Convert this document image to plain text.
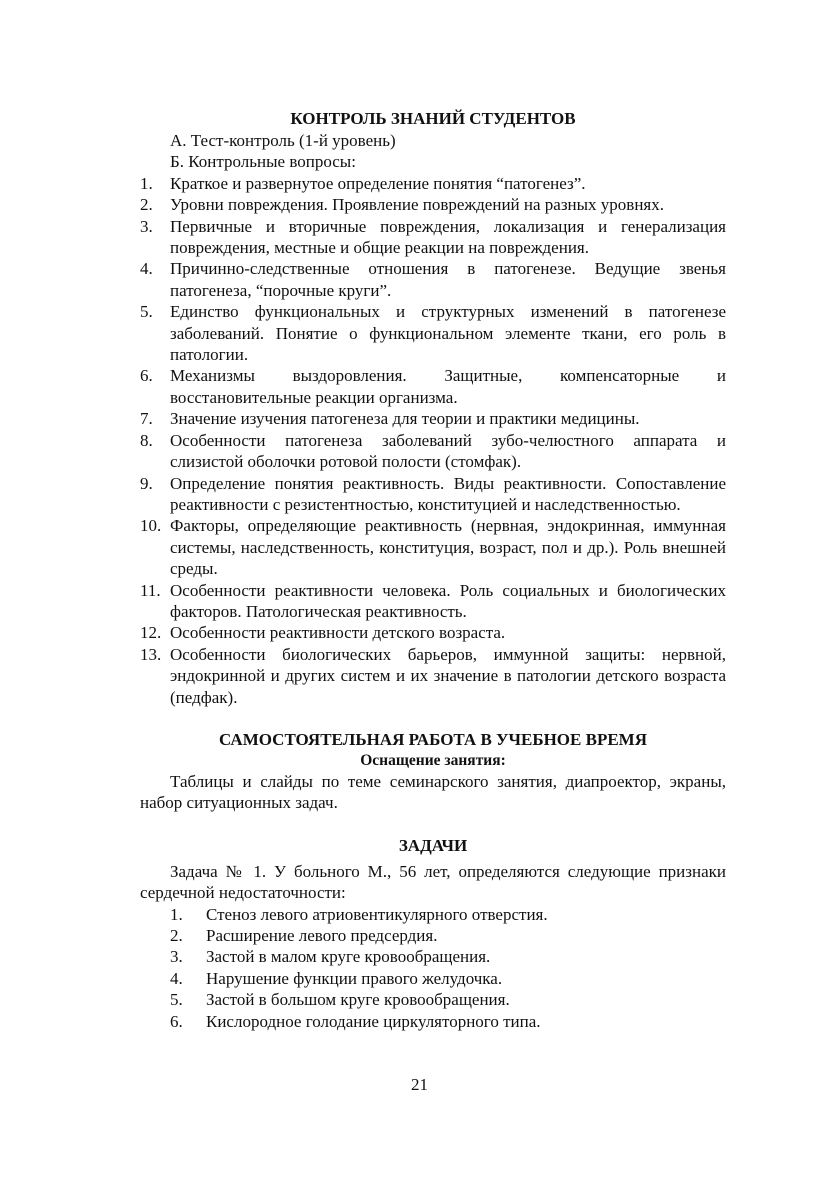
КОНТРОЛЬ ЗНАНИЙ СТУДЕНТОВ
А. Тест-контроль (1-й уровень)
Б. Контрольные вопросы:
1.	Краткое и развернутое определение понятия “патогенез”.
2.	Уровни повреждения. Проявление повреждений на разных уровнях.
3.	Первичные и вторичные повреждения, локализация и генерализация повреждения, местные и общие реакции на повреждения.
4.	Причинно-следственные отношения в патогенезе. Ведущие звенья патогенеза, “порочные круги”.
5.	Единство функциональных и структурных изменений в патогенезе заболеваний. Понятие о функциональном элементе ткани, его роль в патологии.
6.	Механизмы выздоровления. Защитные, компенсаторные и восстановительные реакции организма.
7.	Значение изучения патогенеза для теории и практики медицины.
8.	Особенности патогенеза заболеваний зубо-челюстного аппарата и слизистой оболочки ротовой полости (стомфак).
9.	Определение понятия реактивность. Виды реактивности. Сопоставление реактивности с резистентностью, конституцией и наследственностью.
10. Факторы, определяющие реактивность (нервная, эндокринная, иммунная системы, наследственность, конституция, возраст, пол и др.). Роль внешней среды.
11. Особенности реактивности человека. Роль социальных и биологических факторов. Патологическая реактивность.
12. Особенности реактивности детского возраста.
13. Особенности биологических барьеров, иммунной защиты: нервной, эндокринной и других систем и их значение в патологии детского возраста (педфак).
САМОСТОЯТЕЛЬНАЯ РАБОТА В УЧЕБНОЕ ВРЕМЯ
Оснащение занятия:
Таблицы и слайды по теме семинарского занятия, диапроектор, экраны, набор ситуационных задач.
ЗАДАЧИ
Задача № 1. У больного М., 56 лет, определяются следующие признаки сердечной недостаточности:
1.	Стеноз левого атриовентикулярного отверстия.
2.	Расширение левого предсердия.
3.	Застой в малом круге кровообращения.
4.	Нарушение функции правого желудочка.
5.	Застой в большом круге кровообращения.
6.	Кислородное голодание циркуляторного типа.
21
